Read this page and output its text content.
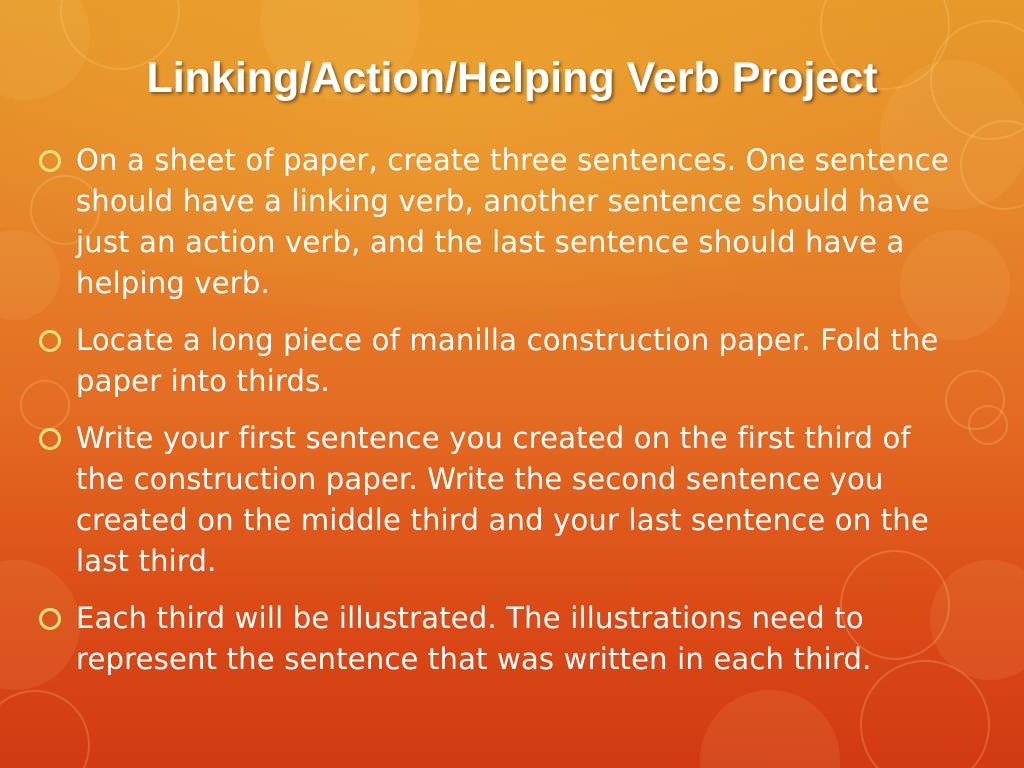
Linking/Action/Helping Verb Project
On a sheet of paper, create three sentences. One sentence should have a linking verb, another sentence should have just an action verb, and the last sentence should have a helping verb.
Locate a long piece of manilla construction paper. Fold the paper into thirds.
Write your first sentence you created on the first third of the construction paper. Write the second sentence you created on the middle third and your last sentence on the last third.
Each third will be illustrated. The illustrations need to represent the sentence that was written in each third.
